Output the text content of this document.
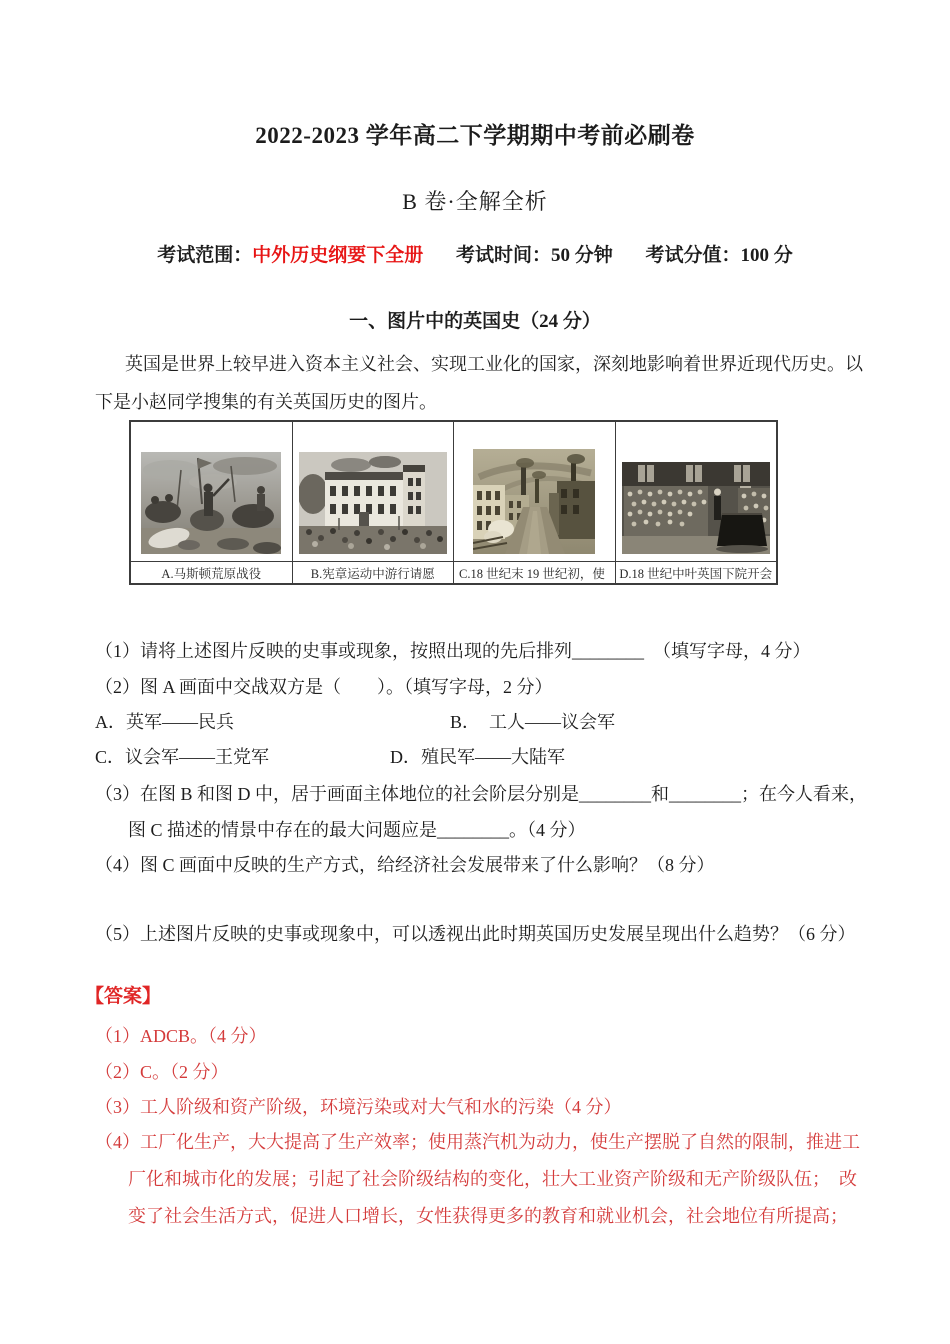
2022-2023 学年高二下学期期中考前必刷卷
B 卷·全解全析
考试范围：中外历史纲要下全册 考试时间：50 分钟 考试分值：100 分
一、图片中的英国史（24 分）
英国是世界上较早进入资本主义社会、实现工业化的国家，深刻地影响着世界近现代历史。以
下是小赵同学搜集的有关英国历史的图片。
A.马斯顿荒原战役	B.宪章运动中游行请愿	C.18 世纪末 19 世纪初，使	D.18 世纪中叶英国下院开会
（1）请将上述图片反映的史事或现象，按照出现的先后排列________　（填写字母，4 分）
（2）图 A 画面中交战双方是（　　）。（填写字母，2 分）
A．英军——民兵	B．　工人——议会军
C．议会军——王党军	D．殖民军——大陆军
（3）在图 B 和图 D 中，居于画面主体地位的社会阶层分别是________和________；在今人看来，
图 C 描述的情景中存在的最大问题应是________。（4 分）
（4）图 C 画面中反映的生产方式，给经济社会发展带来了什么影响？（8 分）
（5）上述图片反映的史事或现象中，可以透视出此时期英国历史发展呈现出什么趋势？（6 分）
【答案】
（1）ADCB。（4 分）
（2）C。（2 分）
（3）工人阶级和资产阶级，环境污染或对大气和水的污染（4 分）
（4）工厂化生产，大大提高了生产效率；使用蒸汽机为动力，使生产摆脱了自然的限制，推进工
厂化和城市化的发展；引起了社会阶级结构的变化，壮大工业资产阶级和无产阶级队伍；　改
变了社会生活方式，促进人口增长，女性获得更多的教育和就业机会，社会地位有所提高；
